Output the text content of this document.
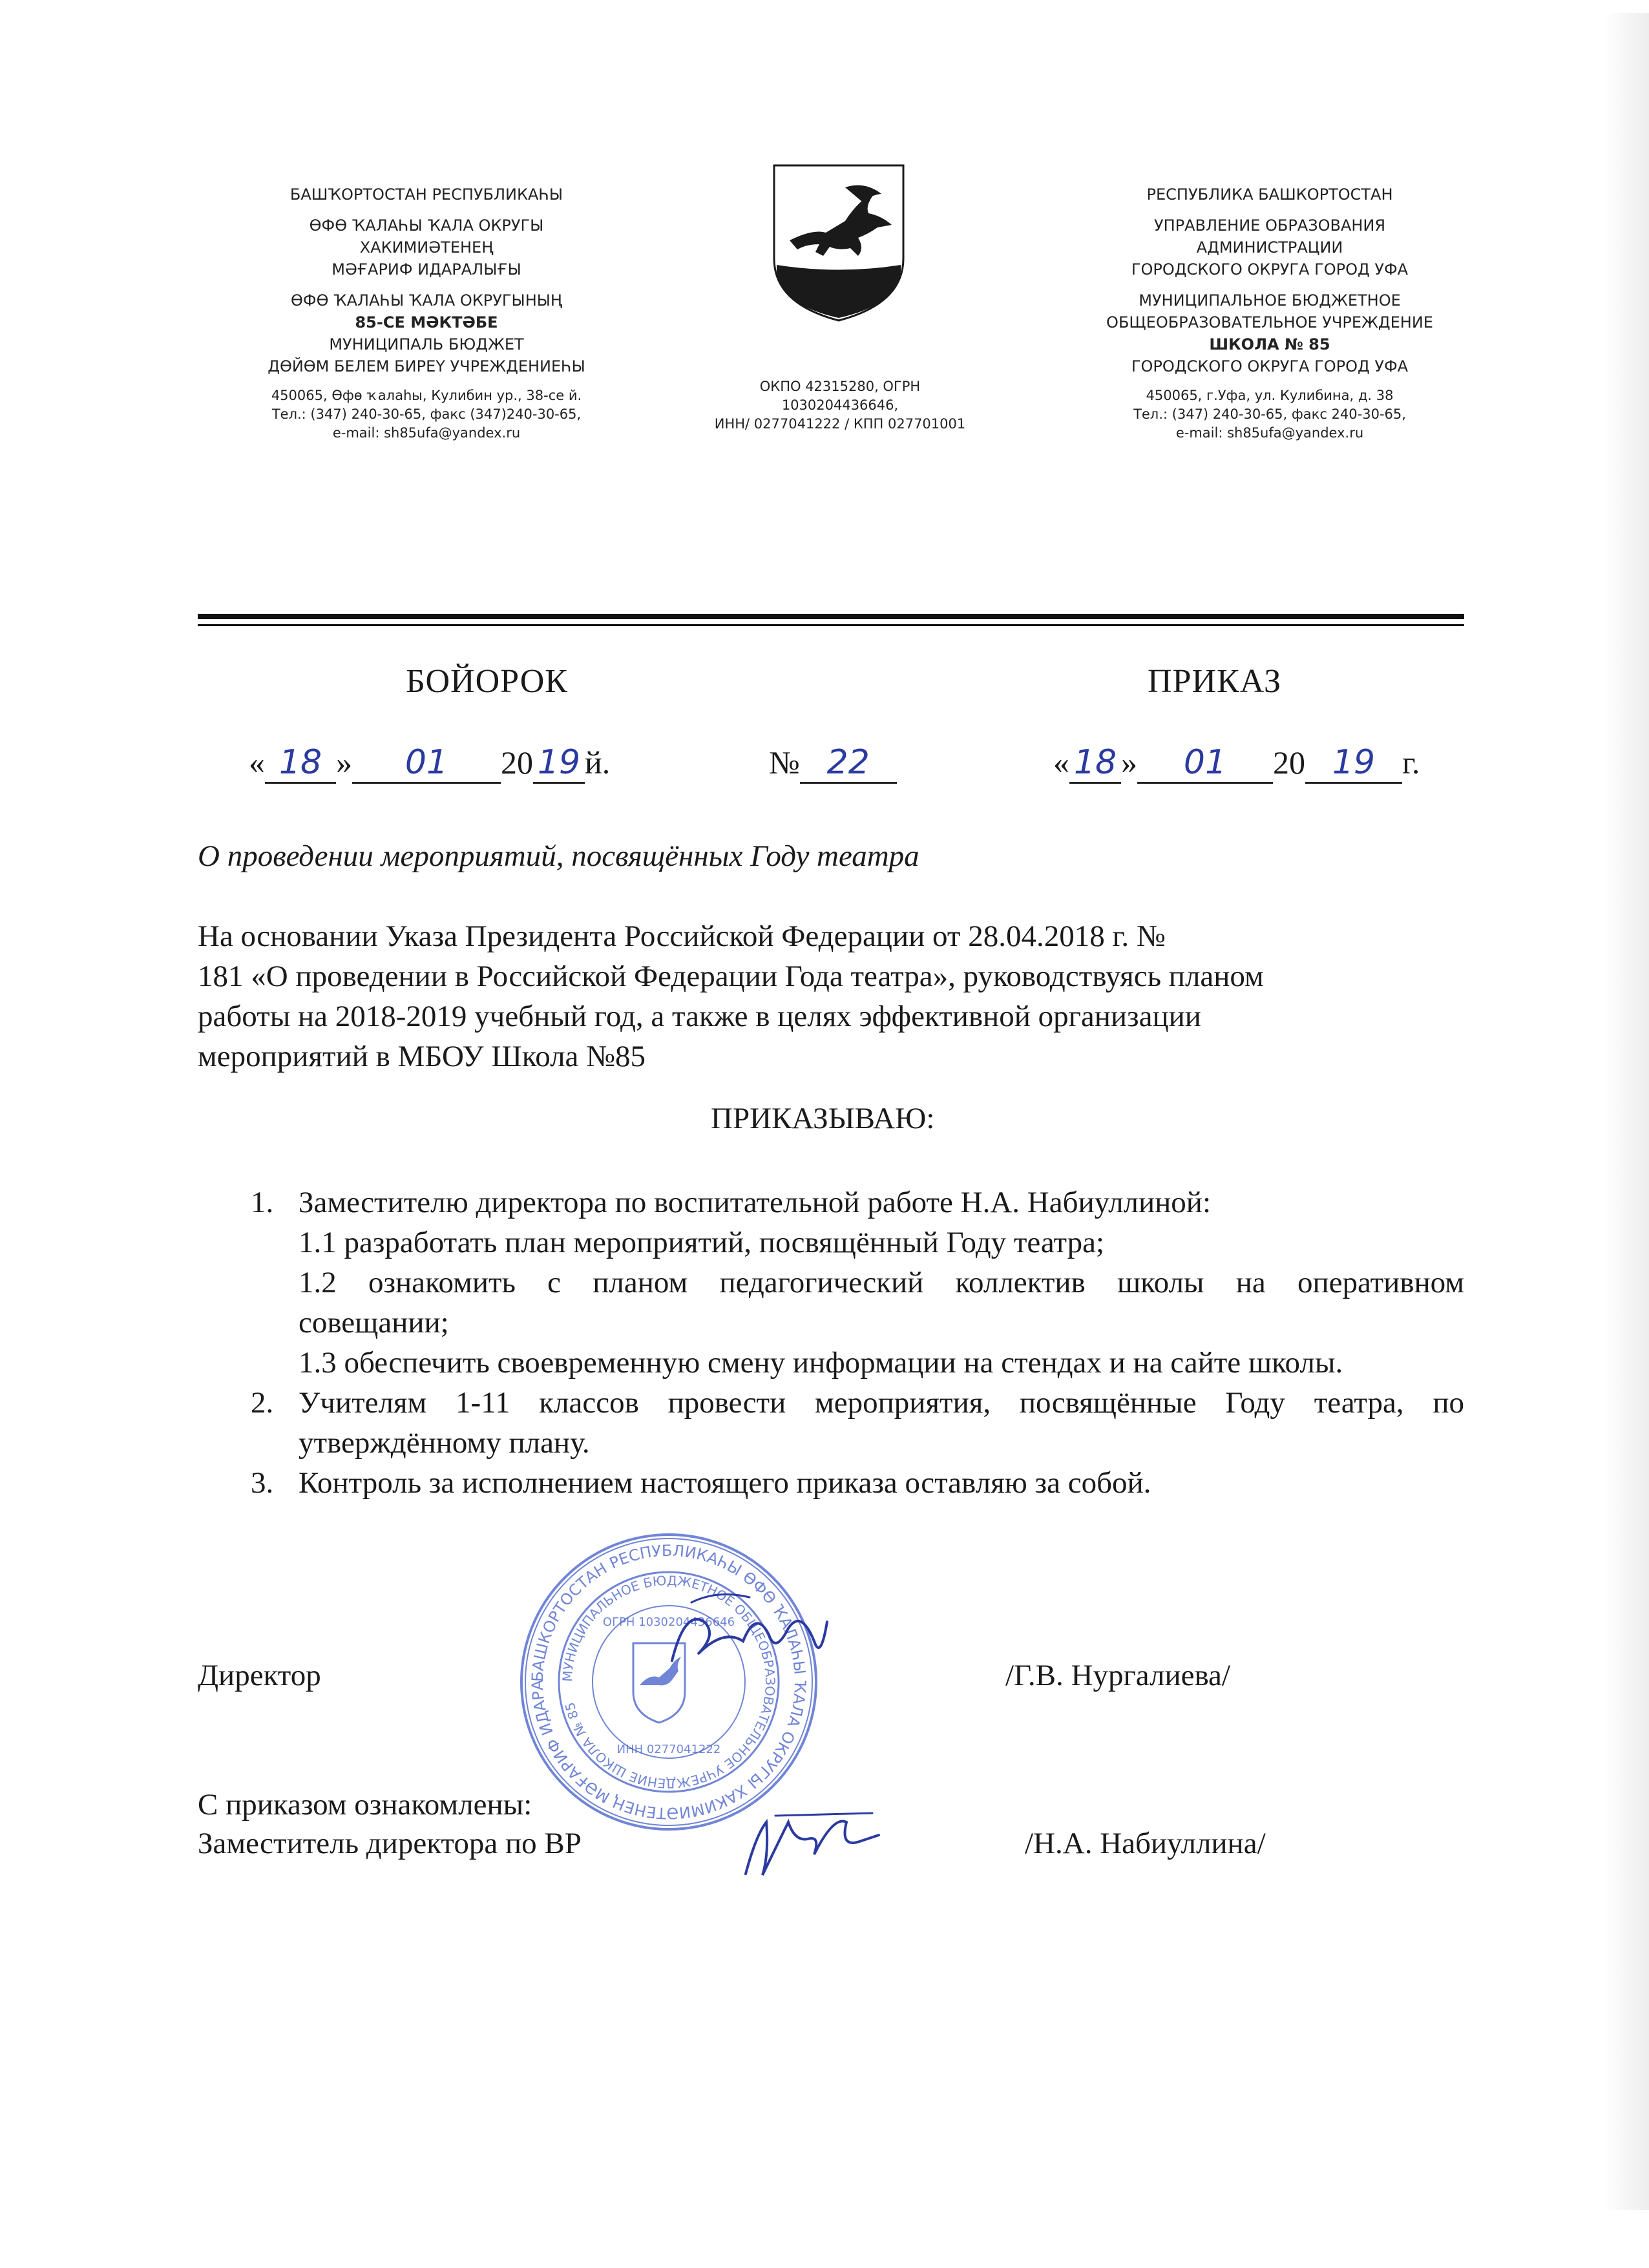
БАШҠОРТОСТАН РЕСПУБЛИКАҺЫ
ӨФӨ ҠАЛАҺЫ ҠАЛА ОКРУГЫ
ХАКИМИӘТЕНЕҢ
МӘҒАРИФ ИДАРАЛЫҒЫ
ӨФӨ ҠАЛАҺЫ ҠАЛА ОКРУГЫНЫҢ
85-СЕ МӘКТӘБЕ
МУНИЦИПАЛЬ БЮДЖЕТ
ДӨЙӨМ БЕЛЕМ БИРЕҮ УЧРЕЖДЕНИЕҺЫ
450065, Өфө ҡалаһы, Кулибин ур., 38-се й.
Тел.: (347) 240-30-65, факс (347)240-30-65,
e-mail: sh85ufa@yandex.ru
ОКПО 42315280, ОГРН
1030204436646,
ИНН/ 0277041222 / КПП 027701001
РЕСПУБЛИКА БАШКОРТОСТАН
УПРАВЛЕНИЕ ОБРАЗОВАНИЯ
АДМИНИСТРАЦИИ
ГОРОДСКОГО ОКРУГА ГОРОД УФА
МУНИЦИПАЛЬНОЕ БЮДЖЕТНОЕ
ОБЩЕОБРАЗОВАТЕЛЬНОЕ УЧРЕЖДЕНИЕ
ШКОЛА № 85
ГОРОДСКОГО ОКРУГА ГОРОД УФА
450065, г.Уфа, ул. Кулибина, д. 38
Тел.: (347) 240-30-65, факс 240-30-65,
e-mail: sh85ufa@yandex.ru
БОЙОРОК	ПРИКАЗ
« 18 » 01 20 19 й.	№ 22	« 18 » 01 20 19 г.
О проведении мероприятий, посвящённых Году театра
На основании Указа Президента Российской Федерации от 28.04.2018 г. №
181 «О проведении в Российской Федерации Года театра», руководствуясь планом
работы на 2018-2019 учебный год, а также в целях эффективной организации
мероприятий в МБОУ Школа №85
ПРИКАЗЫВАЮ:
1. Заместителю директора по воспитательной работе Н.А. Набиуллиной:
1.1 разработать план мероприятий, посвящённый Году театра;
1.2 ознакомить с планом педагогический коллектив школы на оперативном
совещании;
1.3 обеспечить своевременную смену информации на стендах и на сайте школы.
2. Учителям 1-11 классов провести мероприятия, посвящённые Году театра, по
утверждённому плану.
3. Контроль за исполнением настоящего приказа оставляю за собой.
БАШКОРТОСТАН РЕСПУБЛИКАҺЫ ӨФӨ ҠАЛАҺЫ ҠАЛА ОКРУГЫ ХАКИМИӘТЕНЕҢ МӘҒАРИФ ИДАРА
МУНИЦИПАЛЬНОЕ БЮДЖЕТНОЕ ОБЩЕОБРАЗОВАТЕЛЬНОЕ УЧРЕЖДЕНИЕ ШКОЛА № 85
ОГРН 1030204436646
ИНН 0277041222
Директор	/Г.В. Нургалиева/
С приказом ознакомлены:
Заместитель директора по ВР	/Н.А. Набиуллина/
